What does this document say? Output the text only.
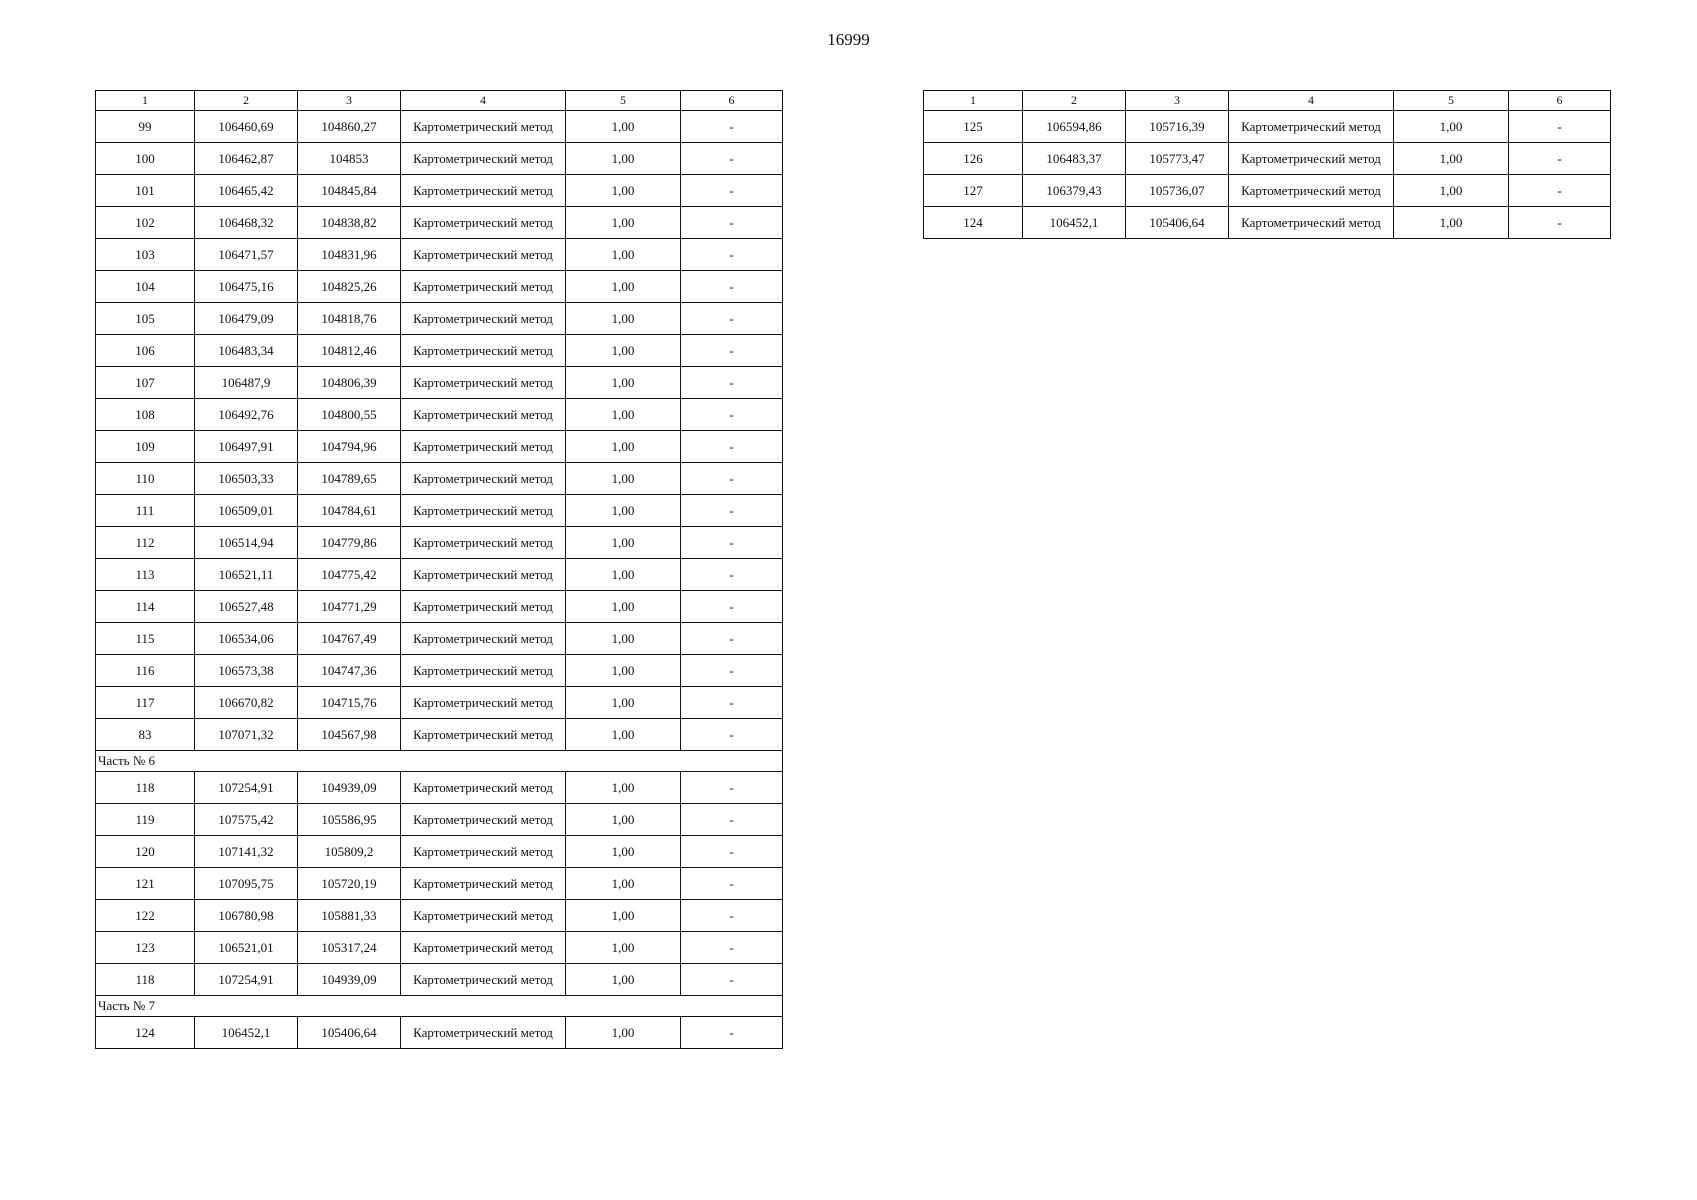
16999
1	2	3	4	5	6
99	106460,69	104860,27	Картометрический метод	1,00	-
100	106462,87	104853	Картометрический метод	1,00	-
101	106465,42	104845,84	Картометрический метод	1,00	-
102	106468,32	104838,82	Картометрический метод	1,00	-
103	106471,57	104831,96	Картометрический метод	1,00	-
104	106475,16	104825,26	Картометрический метод	1,00	-
105	106479,09	104818,76	Картометрический метод	1,00	-
106	106483,34	104812,46	Картометрический метод	1,00	-
107	106487,9	104806,39	Картометрический метод	1,00	-
108	106492,76	104800,55	Картометрический метод	1,00	-
109	106497,91	104794,96	Картометрический метод	1,00	-
110	106503,33	104789,65	Картометрический метод	1,00	-
111	106509,01	104784,61	Картометрический метод	1,00	-
112	106514,94	104779,86	Картометрический метод	1,00	-
113	106521,11	104775,42	Картометрический метод	1,00	-
114	106527,48	104771,29	Картометрический метод	1,00	-
115	106534,06	104767,49	Картометрический метод	1,00	-
116	106573,38	104747,36	Картометрический метод	1,00	-
117	106670,82	104715,76	Картометрический метод	1,00	-
83	107071,32	104567,98	Картометрический метод	1,00	-
Часть № 6					
118	107254,91	104939,09	Картометрический метод	1,00	-
119	107575,42	105586,95	Картометрический метод	1,00	-
120	107141,32	105809,2	Картометрический метод	1,00	-
121	107095,75	105720,19	Картометрический метод	1,00	-
122	106780,98	105881,33	Картометрический метод	1,00	-
123	106521,01	105317,24	Картометрический метод	1,00	-
118	107254,91	104939,09	Картометрический метод	1,00	-
Часть № 7					
124	106452,1	105406,64	Картометрический метод	1,00	-
1	2	3	4	5	6
125	106594,86	105716,39	Картометрический метод	1,00	-
126	106483,37	105773,47	Картометрический метод	1,00	-
127	106379,43	105736,07	Картометрический метод	1,00	-
124	106452,1	105406,64	Картометрический метод	1,00	-
